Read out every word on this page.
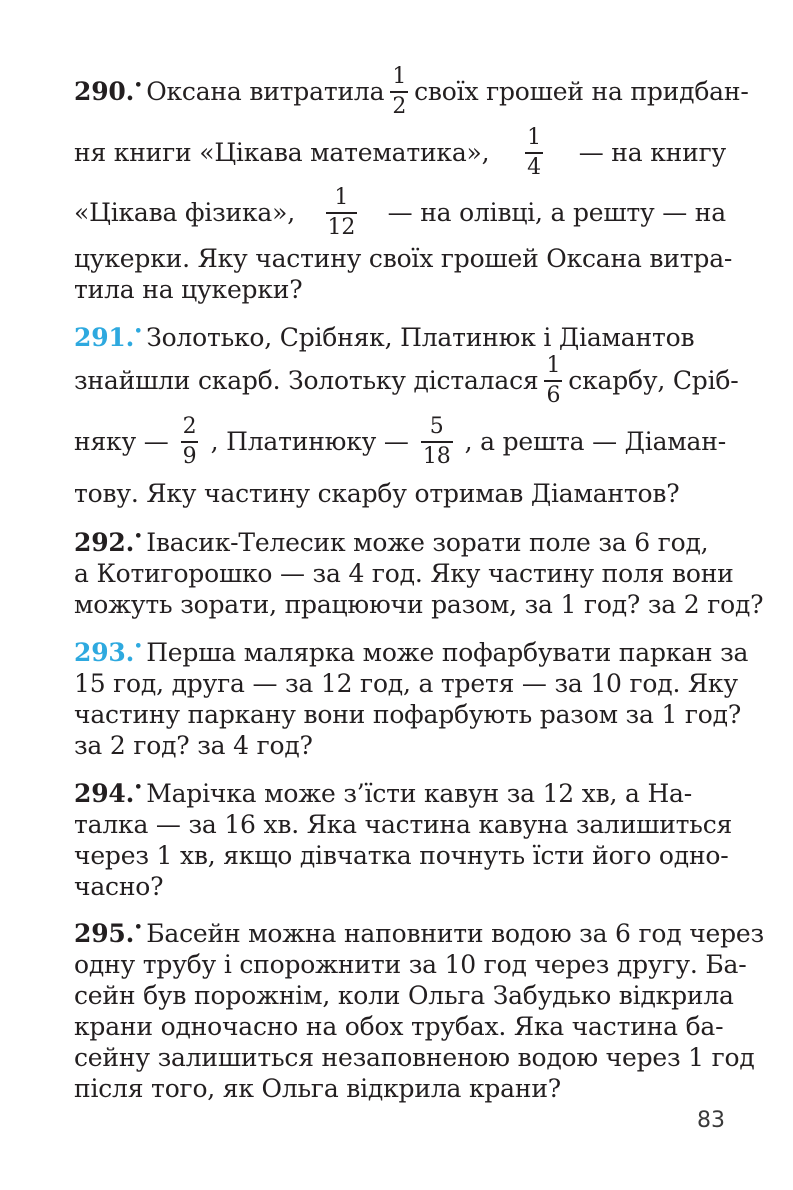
290. • Оксана витратила $\frac{1}{2}$ своїх грошей на придбан-
ня книги «Цікава математика», $\frac{1}{4}$ — на книгу
«Цікава фізика», $\frac{1}{12}$ — на олівці, а решту — на
цукерки. Яку частину своїх грошей Оксана витра-
тила на цукерки?
291. • Золотько, Срібняк, Платинюк і Діамантов
знайшли скарб. Золотьку дісталася $\frac{1}{6}$ скарбу, Сріб-
няку — $\frac{2}{9}$ , Платинюку — $\frac{5}{18}$ , а решта — Діаман-
тову. Яку частину скарбу отримав Діамантов?
292. • Івасик-Телесик може зорати поле за 6 год,
а Котигорошко — за 4 год. Яку частину поля вони
можуть зорати, працюючи разом, за 1 год? за 2 год?
293. • Перша малярка може пофарбувати паркан за
15 год, друга — за 12 год, а третя — за 10 год. Яку
частину паркану вони пофарбують разом за 1 год?
за 2 год? за 4 год?
294. • Марічка може з’їсти кавун за 12 хв, а На-
талка — за 16 хв. Яка частина кавуна залишиться
через 1 хв, якщо дівчатка почнуть їсти його одно-
часно?
295. • Басейн можна наповнити водою за 6 год через
одну трубу і спорожнити за 10 год через другу. Ба-
сейн був порожнім, коли Ольга Забудько відкрила
крани одночасно на обох трубах. Яка частина ба-
сейну залишиться незаповненою водою через 1 год
після того, як Ольга відкрила крани?
83
